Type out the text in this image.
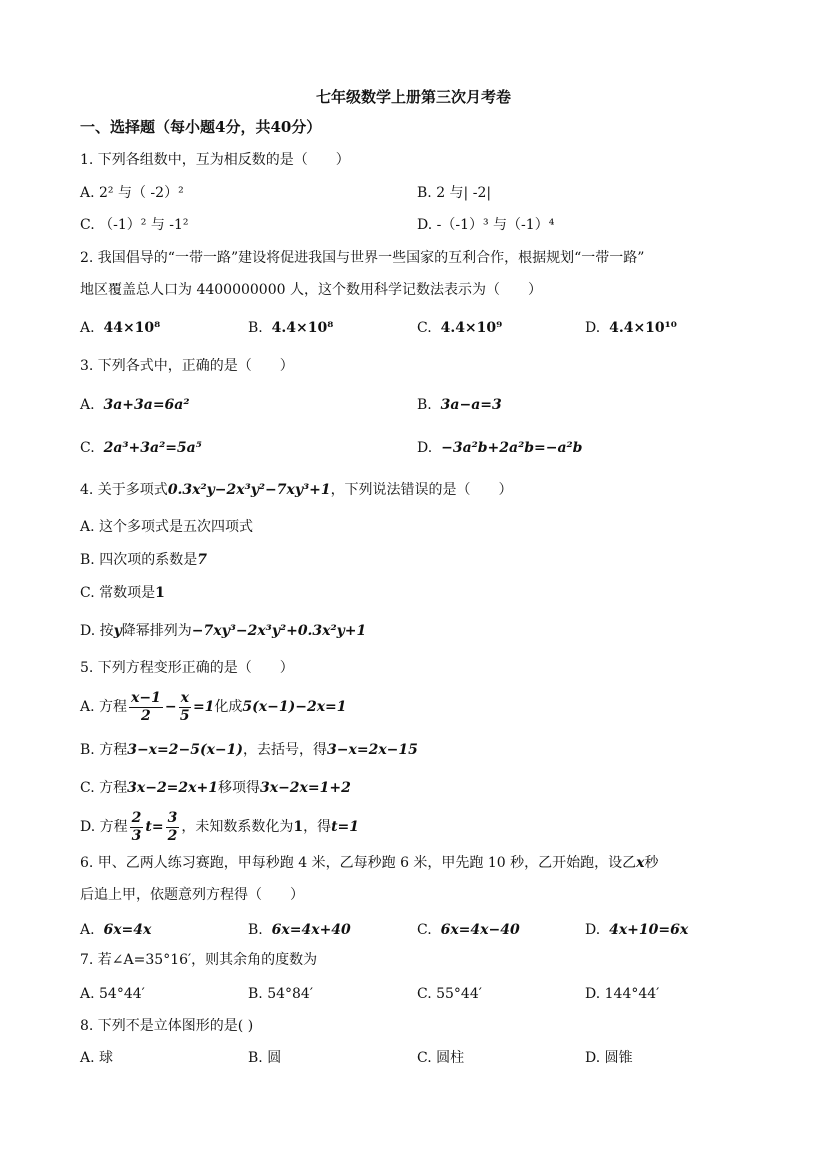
七年级数学上册第三次月考卷
一、选择题（每小题4分，共40分）
1. 下列各组数中，互为相反数的是（　　）
A. 2² 与（ -2）²	B. 2 与| -2|
C. （-1）² 与 -1²	D. -（-1）³ 与（-1）⁴
2. 我国倡导的“一带一路”建设将促进我国与世界一些国家的互利合作，根据规划“一带一路”
地区覆盖总人口为 4400000000 人，这个数用科学记数法表示为（　　）
A. 44×10⁸	B. 4.4×10⁸	C. 4.4×10⁹	D. 4.4×10¹⁰
3. 下列各式中，正确的是（　　）
A. 3a+3a=6a²	B. 3a−a=3
C. 2a³+3a²=5a⁵	D. −3a²b+2a²b=−a²b
4. 关于多项式0.3x²y−2x³y²−7xy³+1，下列说法错误的是（　　）
A. 这个多项式是五次四项式
B. 四次项的系数是7
C. 常数项是1
D. 按y降幂排列为−7xy³−2x³y²+0.3x²y+1
5. 下列方程变形正确的是（　　）
A. 方程 $\frac{x-1}{2} - \frac{x}{5} =1$化成5(x−1)−2x=1
B. 方程3−x=2−5(x−1)，去括号，得3−x=2x−15
C. 方程3x−2=2x+1移项得3x−2x=1+2
D. 方程 $\frac{2}{3} t= \frac{3}{2}$ ，未知数系数化为1，得t=1
6. 甲、乙两人练习赛跑，甲每秒跑 4 米，乙每秒跑 6 米，甲先跑 10 秒，乙开始跑，设乙x秒
后追上甲，依题意列方程得（　　）
A. 6x=4x	B. 6x=4x+40	C. 6x=4x−40	D. 4x+10=6x
7. 若∠A=35°16′，则其余角的度数为
A. 54°44′	B. 54°84′	C. 55°44′	D. 144°44′
8. 下列不是立体图形的是( )
A. 球	B. 圆	C. 圆柱	D. 圆锥
